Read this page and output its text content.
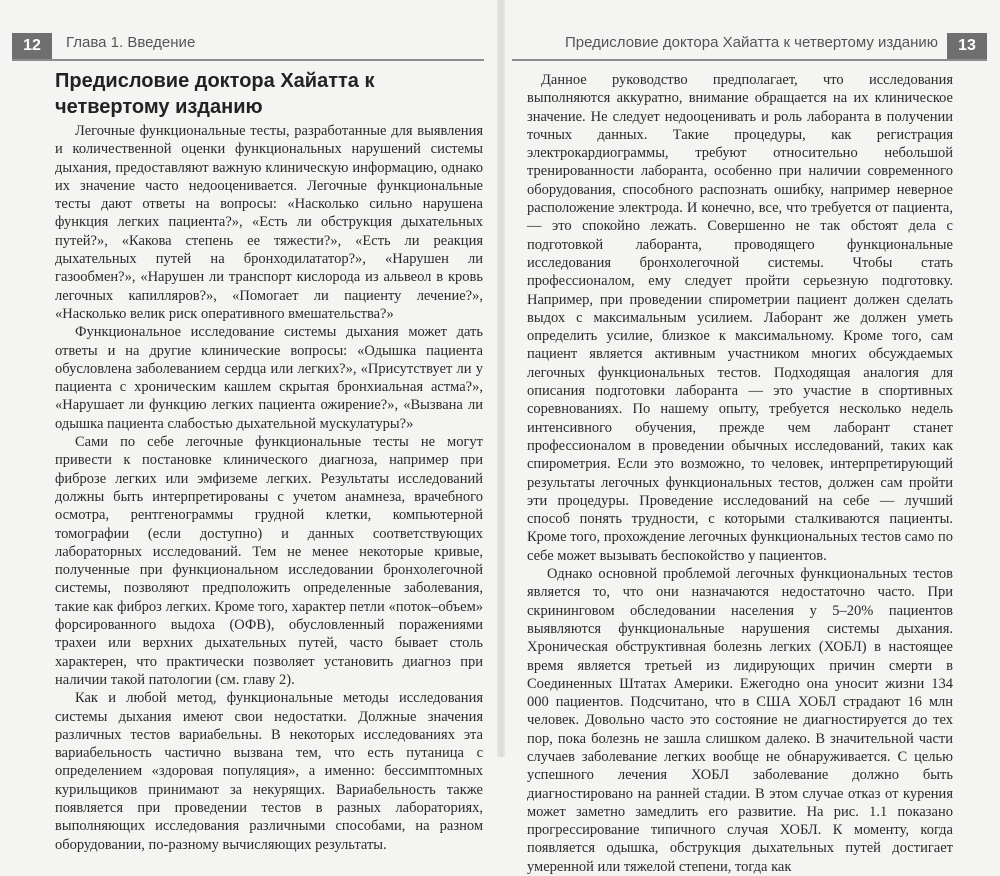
12	Глава 1. Введение	Предисловие доктора Хайатта к четвертому изданию	13
Предисловие доктора Хайатта к четвертому изданию

Легочные функциональные тесты, разработанные для выявления и количественной оценки функциональных нарушений системы дыхания, предоставляют важную клиническую информацию, однако их значение часто недооценивается. Легочные функциональные тесты дают ответы на вопросы: «Насколько сильно нарушена функция легких пациента?», «Есть ли обструкция дыхательных путей?», «Какова степень ее тяжести?», «Есть ли реакция дыхательных путей на бронходилататор?», «Нарушен ли газообмен?», «Нарушен ли транспорт кислорода из альвеол в кровь легочных капилляров?», «Помогает ли пациенту лечение?», «Насколько велик риск оперативного вмешательства?»

Функциональное исследование системы дыхания может дать ответы и на другие клинические вопросы: «Одышка пациента обусловлена заболеванием сердца или легких?», «Присутствует ли у пациента с хроническим кашлем скрытая бронхиальная астма?», «Нарушает ли функцию легких пациента ожирение?», «Вызвана ли одышка пациента слабостью дыхательной мускулатуры?»

Сами по себе легочные функциональные тесты не могут привести к постановке клинического диагноза, например при фиброзе легких или эмфиземе легких. Результаты исследований должны быть интерпретированы с учетом анамнеза, врачебного осмотра, рентгенограммы грудной клетки, компьютерной томографии (если доступно) и данных соответствующих лабораторных исследований. Тем не менее некоторые кривые, полученные при функциональном исследовании бронхолегочной системы, позволяют предположить определенные заболевания, такие как фиброз легких. Кроме того, характер петли «поток–объем» форсированного выдоха (ОФВ), обусловленный поражениями трахеи или верхних дыхательных путей, часто бывает столь характерен, что практически позволяет установить диагноз при наличии такой патологии (см. главу 2).

Как и любой метод, функциональные методы исследования системы дыхания имеют свои недостатки. Должные значения различных тестов вариабельны. В некоторых исследованиях эта вариабельность частично вызвана тем, что есть путаница с определением «здоровая популяция», а именно: бессимптомных курильщиков принимают за некурящих. Вариабельность также появляется при проведении тестов в разных лабораториях, выполняющих исследования различными способами, на разном оборудовании, по-разному вычисляющих результаты.

Данное руководство предполагает, что исследования выполняются аккуратно, внимание обращается на их клиническое значение. Не следует недооценивать и роль лаборанта в получении точных данных. Такие процедуры, как регистрация электрокардиограммы, требуют относительно небольшой тренированности лаборанта, особенно при наличии современного оборудования, способного распознать ошибку, например неверное расположение электрода. И конечно, все, что требуется от пациента, — это спокойно лежать. Совершенно не так обстоят дела с подготовкой лаборанта, проводящего функциональные исследования бронхолегочной системы. Чтобы стать профессионалом, ему следует пройти серьезную подготовку. Например, при проведении спирометрии пациент должен сделать выдох с максимальным усилием. Лаборант же должен уметь определить усилие, близкое к максимальному. Кроме того, сам пациент является активным участником многих обсуждаемых легочных функциональных тестов. Подходящая аналогия для описания подготовки лаборанта — это участие в спортивных соревнованиях. По нашему опыту, требуется несколько недель интенсивного обучения, прежде чем лаборант станет профессионалом в проведении обычных исследований, таких как спирометрия. Если это возможно, то человек, интерпретирующий результаты легочных функциональных тестов, должен сам пройти эти процедуры. Проведение исследований на себе — лучший способ понять трудности, с которыми сталкиваются пациенты. Кроме того, прохождение легочных функциональных тестов само по себе может вызывать беспокойство у пациентов.

Однако основной проблемой легочных функциональных тестов является то, что они назначаются недостаточно часто. При скрининговом обследовании населения у 5–20% пациентов выявляются функциональные нарушения системы дыхания. Хроническая обструктивная болезнь легких (ХОБЛ) в настоящее время является третьей из лидирующих причин смерти в Соединенных Штатах Америки. Ежегодно она уносит жизни 134 000 пациентов. Подсчитано, что в США ХОБЛ страдают 16 млн человек. Довольно часто это состояние не диагностируется до тех пор, пока болезнь не зашла слишком далеко. В значительной части случаев заболевание легких вообще не обнаруживается. С целью успешного лечения ХОБЛ заболевание должно быть диагностировано на ранней стадии. В этом случае отказ от курения может заметно замедлить его развитие. На рис. 1.1 показано прогрессирование типичного случая ХОБЛ. К моменту, когда появляется одышка, обструкция дыхательных путей достигает умеренной или тяжелой степени, тогда как
